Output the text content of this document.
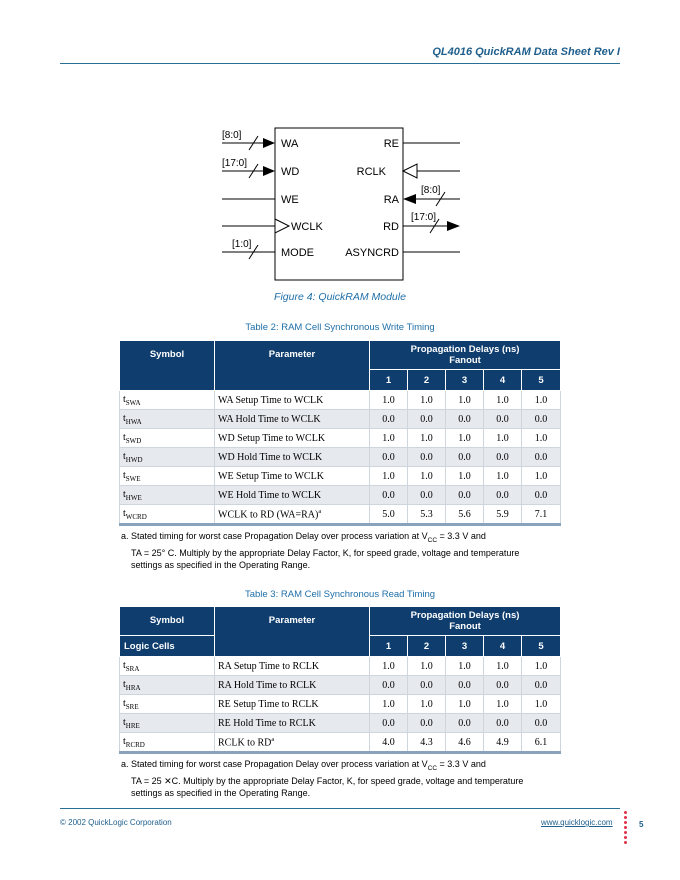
QL4016 QuickRAM Data Sheet Rev I
WA
WD
WE
WCLK
MODE
RE
RCLK
RA
RD
ASYNCRD
[8:0]
[17:0]
[1:0]
[8:0]
[17:0]
Figure 4: QuickRAM Module
Table 2: RAM Cell Synchronous Write Timing
Symbol	Parameter	Propagation Delays (ns)
Fanout				

		1	2	3	4	5
$t_{SWA}$	WA Setup Time to WCLK	1.0	1.0	1.0	1.0	1.0
$t_{HWA}$	WA Hold Time to WCLK	0.0	0.0	0.0	0.0	0.0
$t_{SWD}$	WD Setup Time to WCLK	1.0	1.0	1.0	1.0	1.0
$t_{HWD}$	WD Hold Time to WCLK	0.0	0.0	0.0	0.0	0.0
$t_{SWE}$	WE Setup Time to WCLK	1.0	1.0	1.0	1.0	1.0
$t_{HWE}$	WE Hold Time to WCLK	0.0	0.0	0.0	0.0	0.0
$t_{WCRD}$	WCLK to RD (WA=RA)$^a$	5.0	5.3	5.6	5.9	7.1
a. Stated timing for worst case Propagation Delay over process variation at $V_{CC} = 3.3$ V and
TA = 25° C. Multiply by the appropriate Delay Factor, K, for speed grade, voltage and temperature
settings as specified in the Operating Range.
Table 3: RAM Cell Synchronous Read Timing
Symbol	Parameter	Propagation Delays (ns)
Fanout				

Logic Cells		1	2	3	4	5
$t_{SRA}$	RA Setup Time to RCLK	1.0	1.0	1.0	1.0	1.0
$t_{HRA}$	RA Hold Time to RCLK	0.0	0.0	0.0	0.0	0.0
$t_{SRE}$	RE Setup Time to RCLK	1.0	1.0	1.0	1.0	1.0
$t_{HRE}$	RE Hold Time to RCLK	0.0	0.0	0.0	0.0	0.0
$t_{RCRD}$	RCLK to $RD^a$	4.0	4.3	4.6	4.9	6.1
a. Stated timing for worst case Propagation Delay over process variation at $V_{CC} = 3.3$ V and
TA = 25 ✕C. Multiply by the appropriate Delay Factor, K, for speed grade, voltage and temperature
settings as specified in the Operating Range.
© 2002 QuickLogic Corporation	www.quicklogic.com	5
